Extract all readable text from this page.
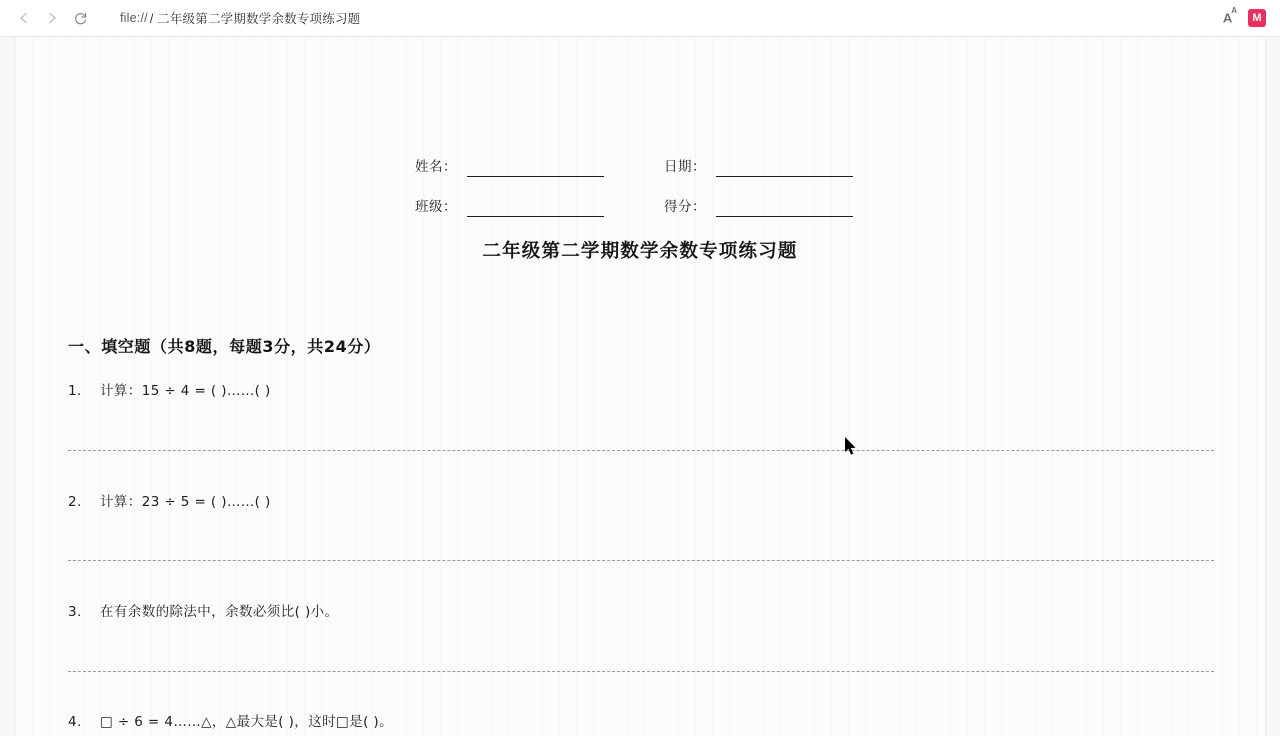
file:// / 二年级第二学期数学余数专项练习题	$A^A$
M
姓名：	日期：
班级：	得分：
二年级第二学期数学余数专项练习题
一、填空题（共8题，每题3分，共24分）
1.	计算：15 ÷ 4 = ( )……( )
2.	计算：23 ÷ 5 = ( )……( )
3.	在有余数的除法中，余数必须比( )小。
4.	□ ÷ 6 = 4……△，△最大是( )，这时□是( )。
